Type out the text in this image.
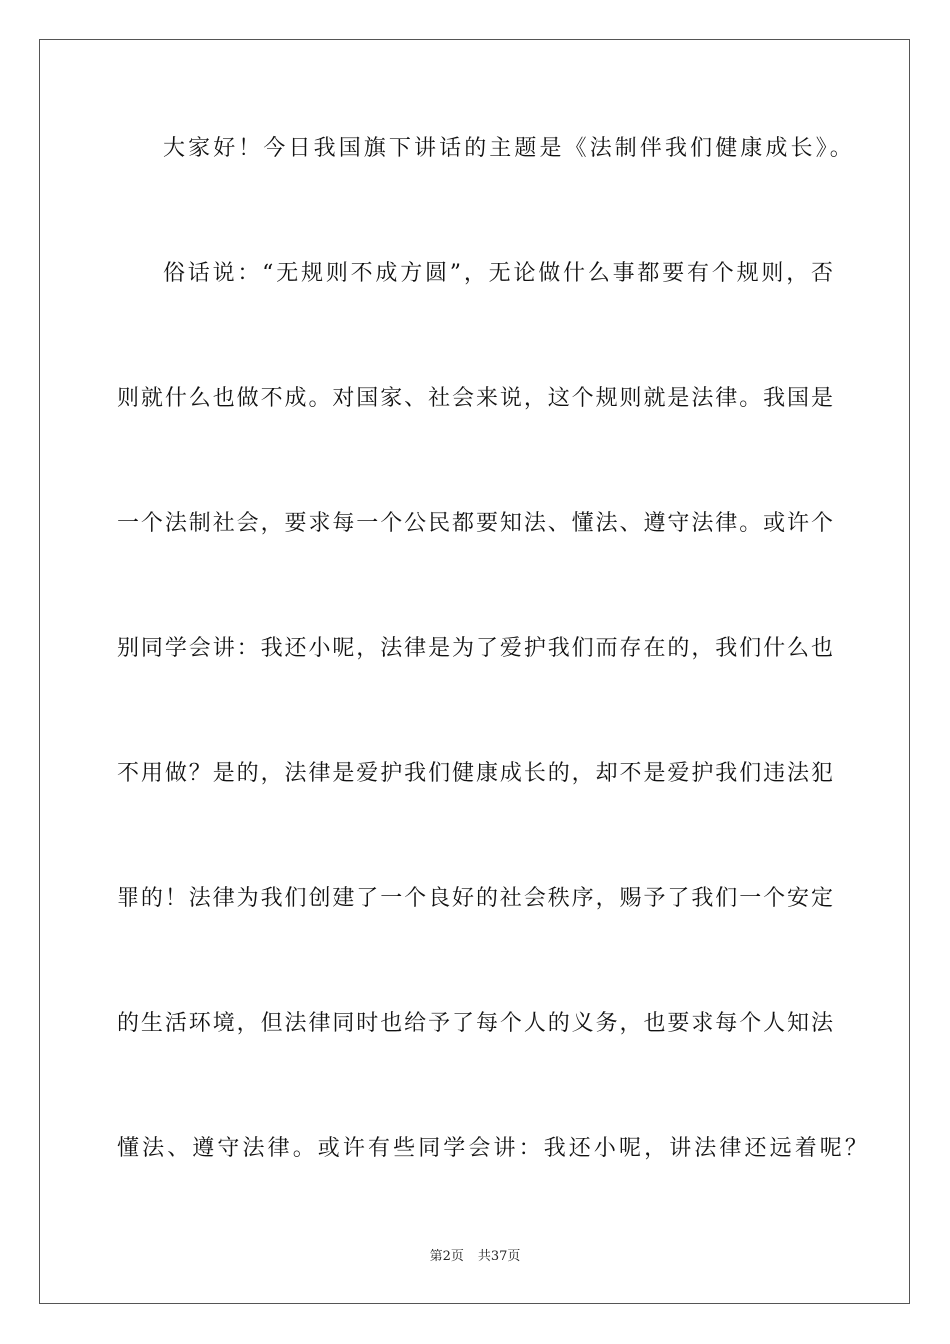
大家好！今日我国旗下讲话的主题是《法制伴我们健康成长》。
俗话说：“无规则不成方圆”，无论做什么事都要有个规则，否
则就什么也做不成。对国家、社会来说，这个规则就是法律。我国是
一个法制社会，要求每一个公民都要知法、懂法、遵守法律。或许个
别同学会讲：我还小呢，法律是为了爱护我们而存在的，我们什么也
不用做？是的，法律是爱护我们健康成长的，却不是爱护我们违法犯
罪的！法律为我们创建了一个良好的社会秩序，赐予了我们一个安定
的生活环境，但法律同时也给予了每个人的义务，也要求每个人知法
懂法、遵守法律。或许有些同学会讲：我还小呢，讲法律还远着呢？
第2页 共37页
